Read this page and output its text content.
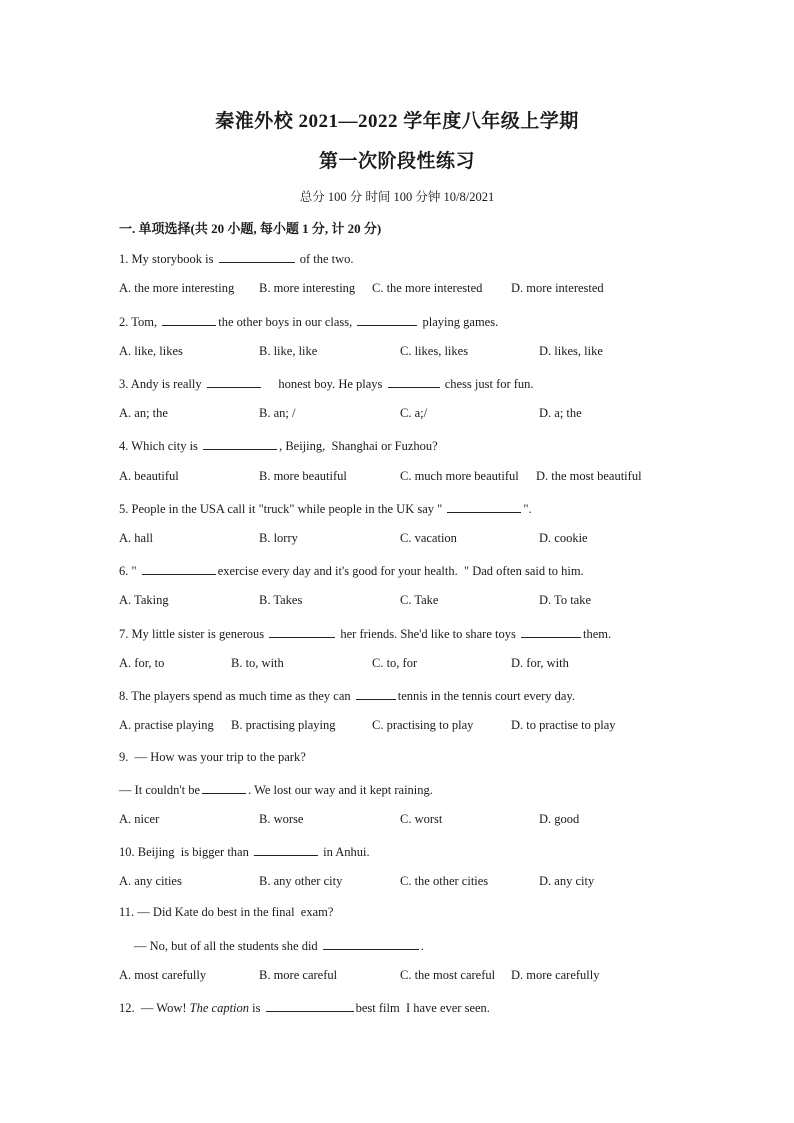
秦淮外校 2021—2022 学年度八年级上学期
第一次阶段性练习
总分 100 分 时间 100 分钟 10/8/2021
一. 单项选择(共 20 小题, 每小题 1 分, 计 20 分)
1. My storybook is	of the two.
A. the more interesting B. more interesting C. the more interested D. more interested
2. Tom,	the other boys in our class,	playing games.
A. like, likes	B. like, like	C. likes, likes	D. likes, like
3. Andy is really	honest boy. He plays	chess just for fun.
A. an; the	B. an; /	C. a;/	D. a; the
4. Which city is	, Beijing,  Shanghai or Fuzhou?
A. beautiful	B. more beautiful	C. much more beautiful D. the most beautiful
5. People in the USA call it "truck" while people in the UK say "	".
A. hall	B. lorry	C. vacation	D. cookie
6. "	exercise every day and it's good for your health.  " Dad often said to him.
A. Taking	B. Takes	C. Take	D. To take
7. My little sister is generous	her friends. She'd like to share toys	them.
A. for, to	B. to, with	C. to, for	D. for, with
8. The players spend as much time as they can	tennis in the tennis court every day.
A. practise playing B. practising playing	C. practising to play	D. to practise to play
9.  — How was your trip to the park?
— It couldn't be	. We lost our way and it kept raining.
A. nicer	B. worse	C. worst	D. good
10. Beijing  is bigger than	in Anhui.
A. any cities	B. any other city	C. the other cities	D. any city
11. — Did Kate do best in the final  exam?
— No, but of all the students she did	.
A. most carefully	B. more careful	C. the most careful D. more carefully
12.  — Wow! The caption is	best film  I have ever seen.
